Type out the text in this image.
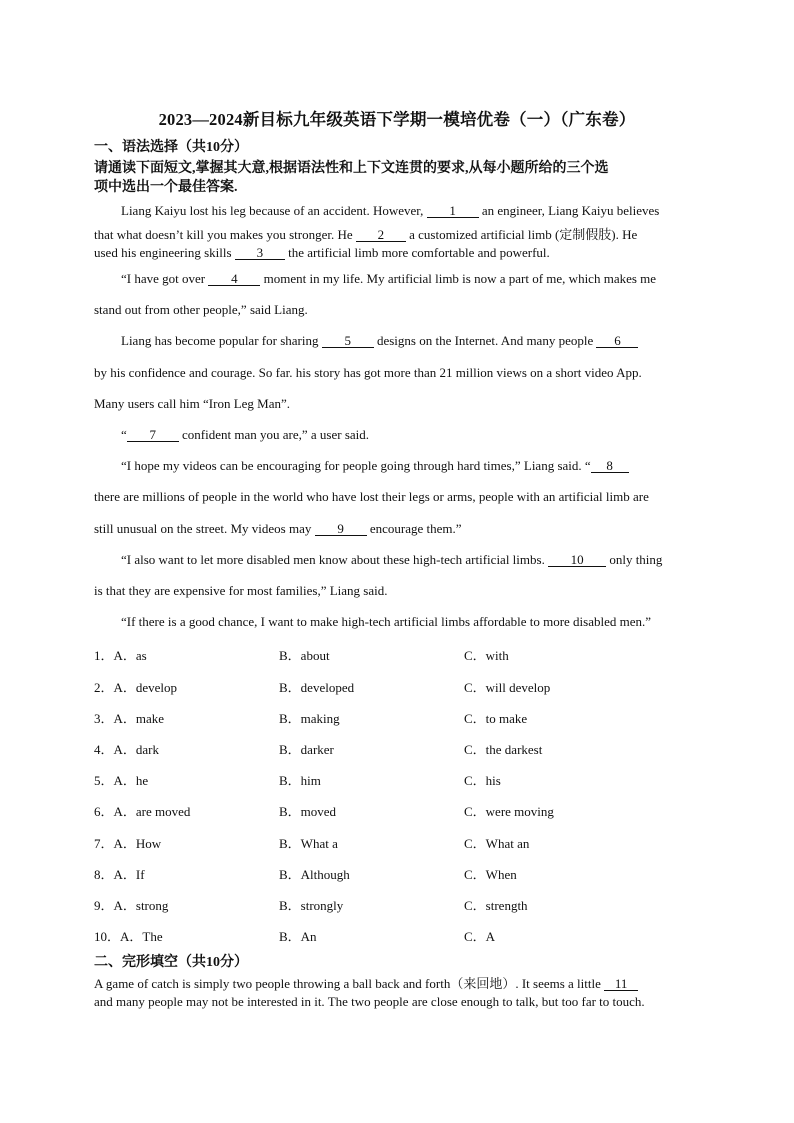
2023—2024新目标九年级英语下学期一模培优卷（一）（广东卷）
一、语法选择（共10分）
请通读下面短文,掌握其大意,根据语法性和上下文连贯的要求,从每小题所给的三个选
项中选出一个最佳答案.
Liang Kaiyu lost his leg because of an accident. However, 1 an engineer, Liang Kaiyu believes
that what doesn’t kill you makes you stronger. He 2 a customized artificial limb (定制假肢). He
used his engineering skills 3 the artificial limb more comfortable and powerful.
“I have got over 4 moment in my life. My artificial limb is now a part of me, which makes me
stand out from other people,” said Liang.
Liang has become popular for sharing 5 designs on the Internet. And many people 6
by his confidence and courage. So far. his story has got more than 21 million views on a short video App.
Many users call him “Iron Leg Man”.
“ 7 confident man you are,” a user said.
“I hope my videos can be encouraging for people going through hard times,” Liang said. “ 8
there are millions of people in the world who have lost their legs or arms, people with an artificial limb are
still unusual on the street. My videos may 9 encourage them.”
“I also want to let more disabled men know about these high-tech artificial limbs. 10 only thing
is that they are expensive for most families,” Liang said.
“If there is a good chance, I want to make high-tech artificial limbs affordable to more disabled men.”
1．A．as	B．about	C．with
2．A．develop	B．developed	C．will develop
3．A．make	B．making	C．to make
4．A．dark	B．darker	C．the darkest
5．A．he	B．him	C．his
6．A．are moved	B．moved	C．were moving
7．A．How	B．What a	C．What an
8．A．If	B．Although	C．When
9．A．strong	B．strongly	C．strength
10．A．The	B．An	C．A
二、完形填空（共10分）
A game of catch is simply two people throwing a ball back and forth（来回地）. It seems a little 11
and many people may not be interested in it. The two people are close enough to talk, but too far to touch.
